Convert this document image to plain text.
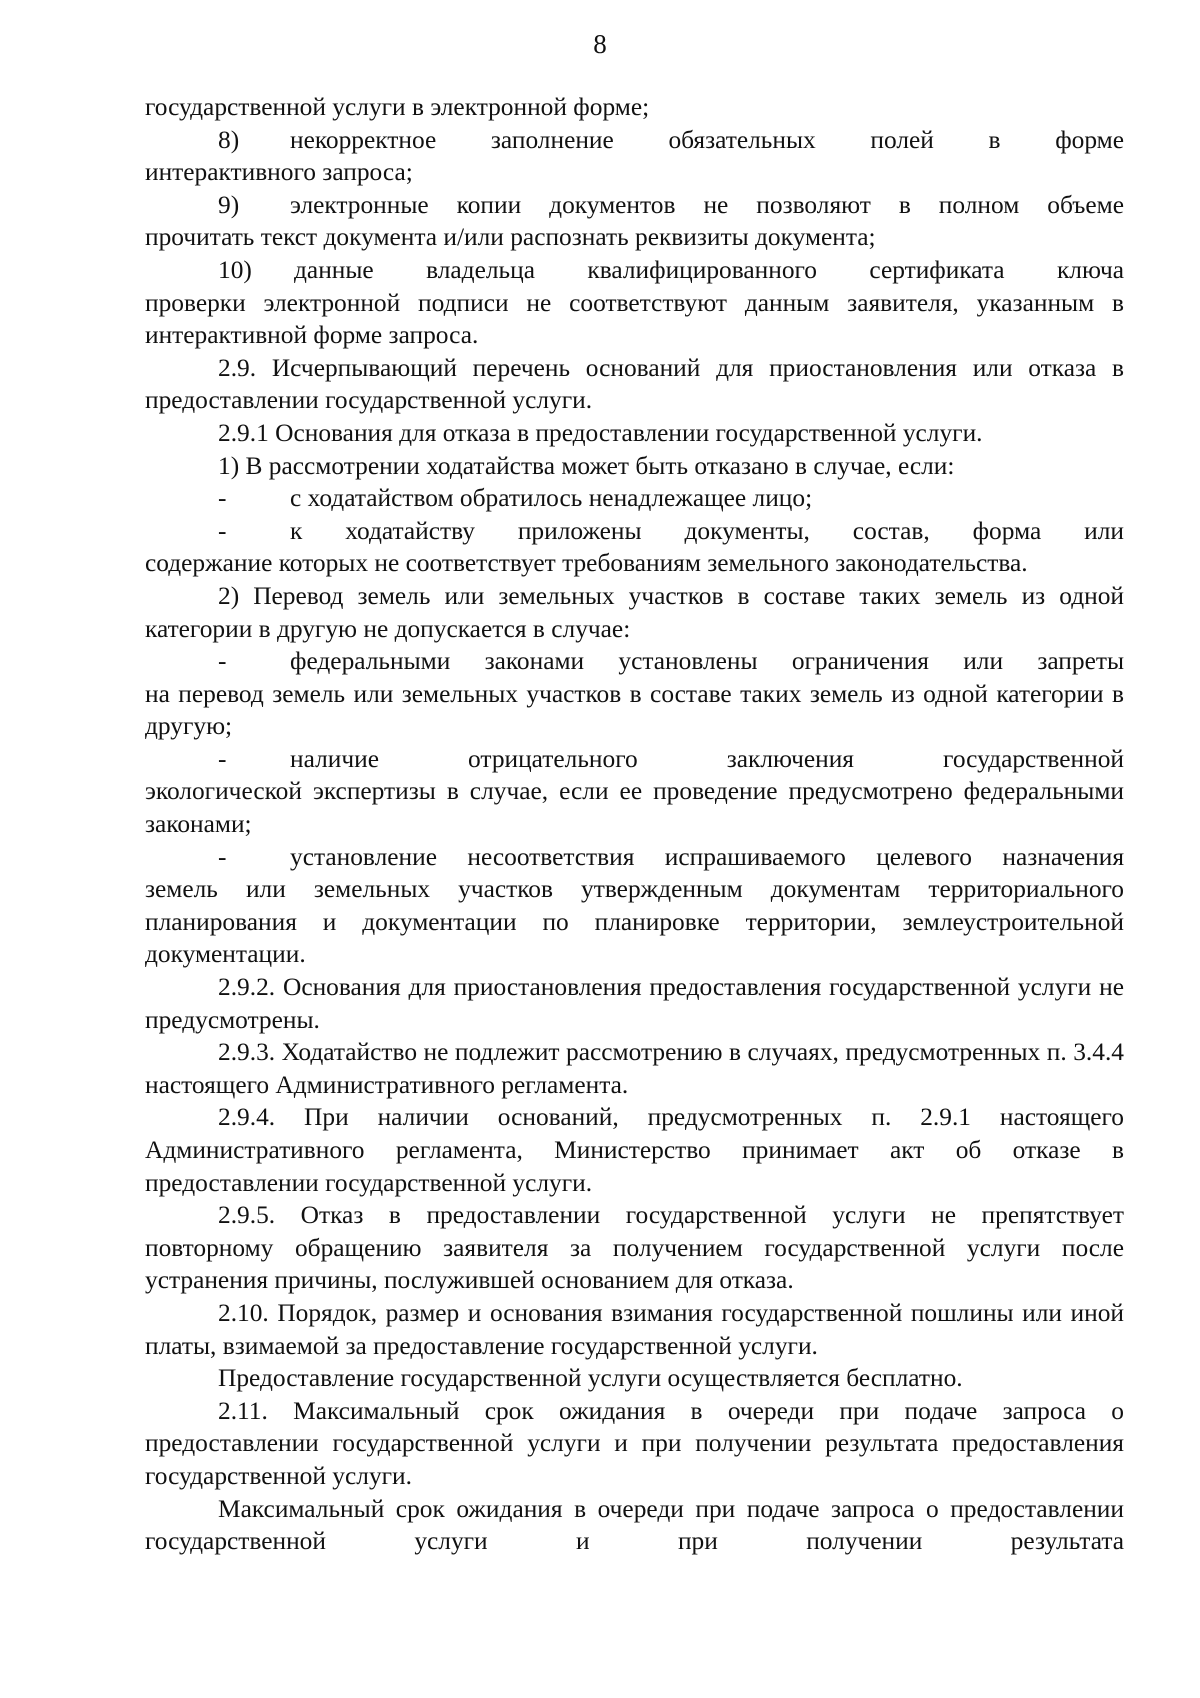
8

государственной услуги в электронной форме;

8) некорректное заполнение обязательных полей в форме
интерактивного запроса;
9) электронные копии документов не позволяют в полном объеме
прочитать текст документа и/или распознать реквизиты документа;
10) данные владельца квалифицированного сертификата ключа
проверки электронной подписи не соответствуют данным заявителя, указанным в интерактивной форме запроса.

2.9. Исчерпывающий перечень оснований для приостановления или отказа в предоставлении государственной услуги.

2.9.1 Основания для отказа в предоставлении государственной услуги.

1) В рассмотрении ходатайства может быть отказано в случае, если:

-	с ходатайством обратилось ненадлежащее лицо;
-	к ходатайству приложены документы, состав, форма или
содержание которых не соответствует требованиям земельного законодательства.

2) Перевод земель или земельных участков в составе таких земель из одной категории в другую не допускается в случае:

-	федеральными законами установлены ограничения или запреты
на перевод земель или земельных участков в составе таких земель из одной категории в другую;
-	наличие отрицательного заключения государственной
экологической экспертизы в случае, если ее проведение предусмотрено федеральными законами;
-	установление несоответствия испрашиваемого целевого назначения
земель или земельных участков утвержденным документам территориального планирования и документации по планировке территории, землеустроительной документации.

2.9.2. Основания для приостановления предоставления государственной услуги не предусмотрены.

2.9.3. Ходатайство не подлежит рассмотрению в случаях, предусмотренных п. 3.4.4 настоящего Административного регламента.

2.9.4. При наличии оснований, предусмотренных п. 2.9.1 настоящего Административного регламента, Министерство принимает акт об отказе в предоставлении государственной услуги.

2.9.5. Отказ в предоставлении государственной услуги не препятствует повторному обращению заявителя за получением государственной услуги после устранения причины, послужившей основанием для отказа.

2.10. Порядок, размер и основания взимания государственной пошлины или иной платы, взимаемой за предоставление государственной услуги.

Предоставление государственной услуги осуществляется бесплатно.

2.11. Максимальный срок ожидания в очереди при подаче запроса о предоставлении государственной услуги и при получении результата предоставления государственной услуги.

Максимальный срок ожидания в очереди при подаче запроса о предоставлении государственной услуги и при получении результата
